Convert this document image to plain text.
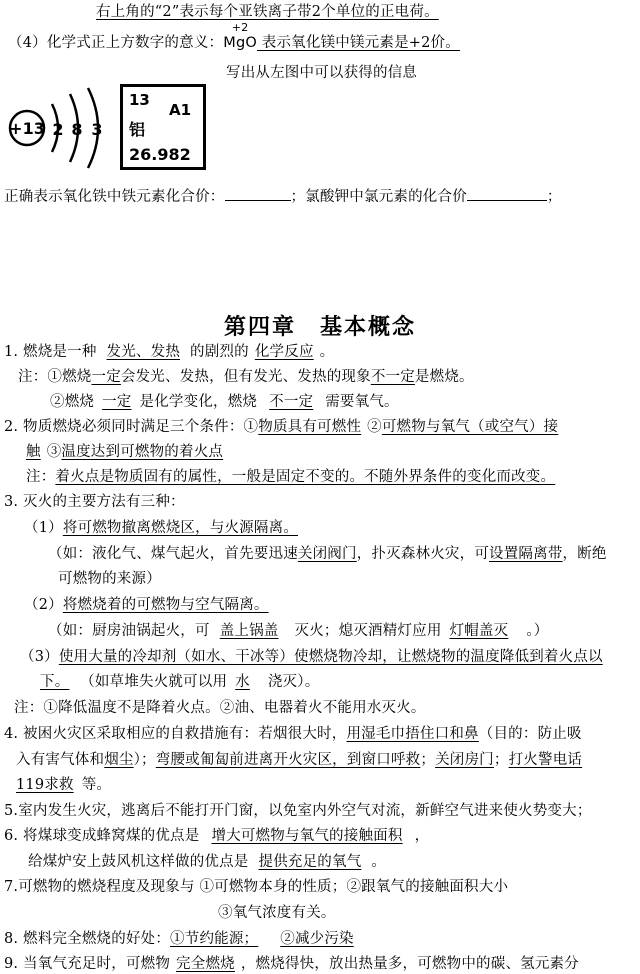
右上角的“2”表示每个亚铁离子带2个单位的正电荷。
（4）化学式正上方数字的意义：
+2
MgO 表示氧化镁中镁元素是+2价。
写出从左图中可以获得的信息
+13 2 8 3
13
A1
铝
26.982
正确表示氧化铁中铁元素化合价：	；氯酸钾中氯元素的化合价	；
第四章 基本概念
1. 燃烧是一种 发光、发热 的剧烈的 化学反应 。
注：①燃烧一定会发光、发热，但有发光、发热的现象不一定是燃烧。
②燃烧 一定 是化学变化，燃烧 不一定 需要氧气。
2. 物质燃烧必须同时满足三个条件：①物质具有可燃性 ②可燃物与氧气（或空气）接
触 ③温度达到可燃物的着火点
注：着火点是物质固有的属性，一般是固定不变的。不随外界条件的变化而改变。
3. 灭火的主要方法有三种：
（1）将可燃物撤离燃烧区，与火源隔离。
（如：液化气、煤气起火，首先要迅速关闭阀门，扑灭森林火灾，可设置隔离带，断绝
可燃物的来源）
（2）将燃烧着的可燃物与空气隔离。
（如：厨房油锅起火，可 盖上锅盖 灭火；熄灭酒精灯应用 灯帽盖灭 。）
（3）使用大量的冷却剂（如水、干冰等）使燃烧物冷却，让燃烧物的温度降低到着火点以
下。 （如草堆失火就可以用 水 浇灭）。
注：①降低温度不是降着火点。②油、电器着火不能用水灭火。
4. 被困火灾区采取相应的自救措施有：若烟很大时，用湿毛巾捂住口和鼻（目的：防止吸
入有害气体和烟尘）；弯腰或匍匐前进离开火灾区，到窗口呼救；关闭房门；打火警电话
119求救 等。
5.室内发生火灾，逃离后不能打开门窗，以免室内外空气对流，新鲜空气进来使火势变大；
6. 将煤球变成蜂窝煤的优点是 增大可燃物与氧气的接触面积 ，
给煤炉安上鼓风机这样做的优点是 提供充足的氧气 。
7.可燃物的燃烧程度及现象与 ①可燃物本身的性质；②跟氧气的接触面积大小
③氧气浓度有关。
8. 燃料完全燃烧的好处：①节约能源； ②减少污染
9. 当氧气充足时，可燃物 完全燃烧 ，燃烧得快，放出热量多，可燃物中的碳、氢元素分
